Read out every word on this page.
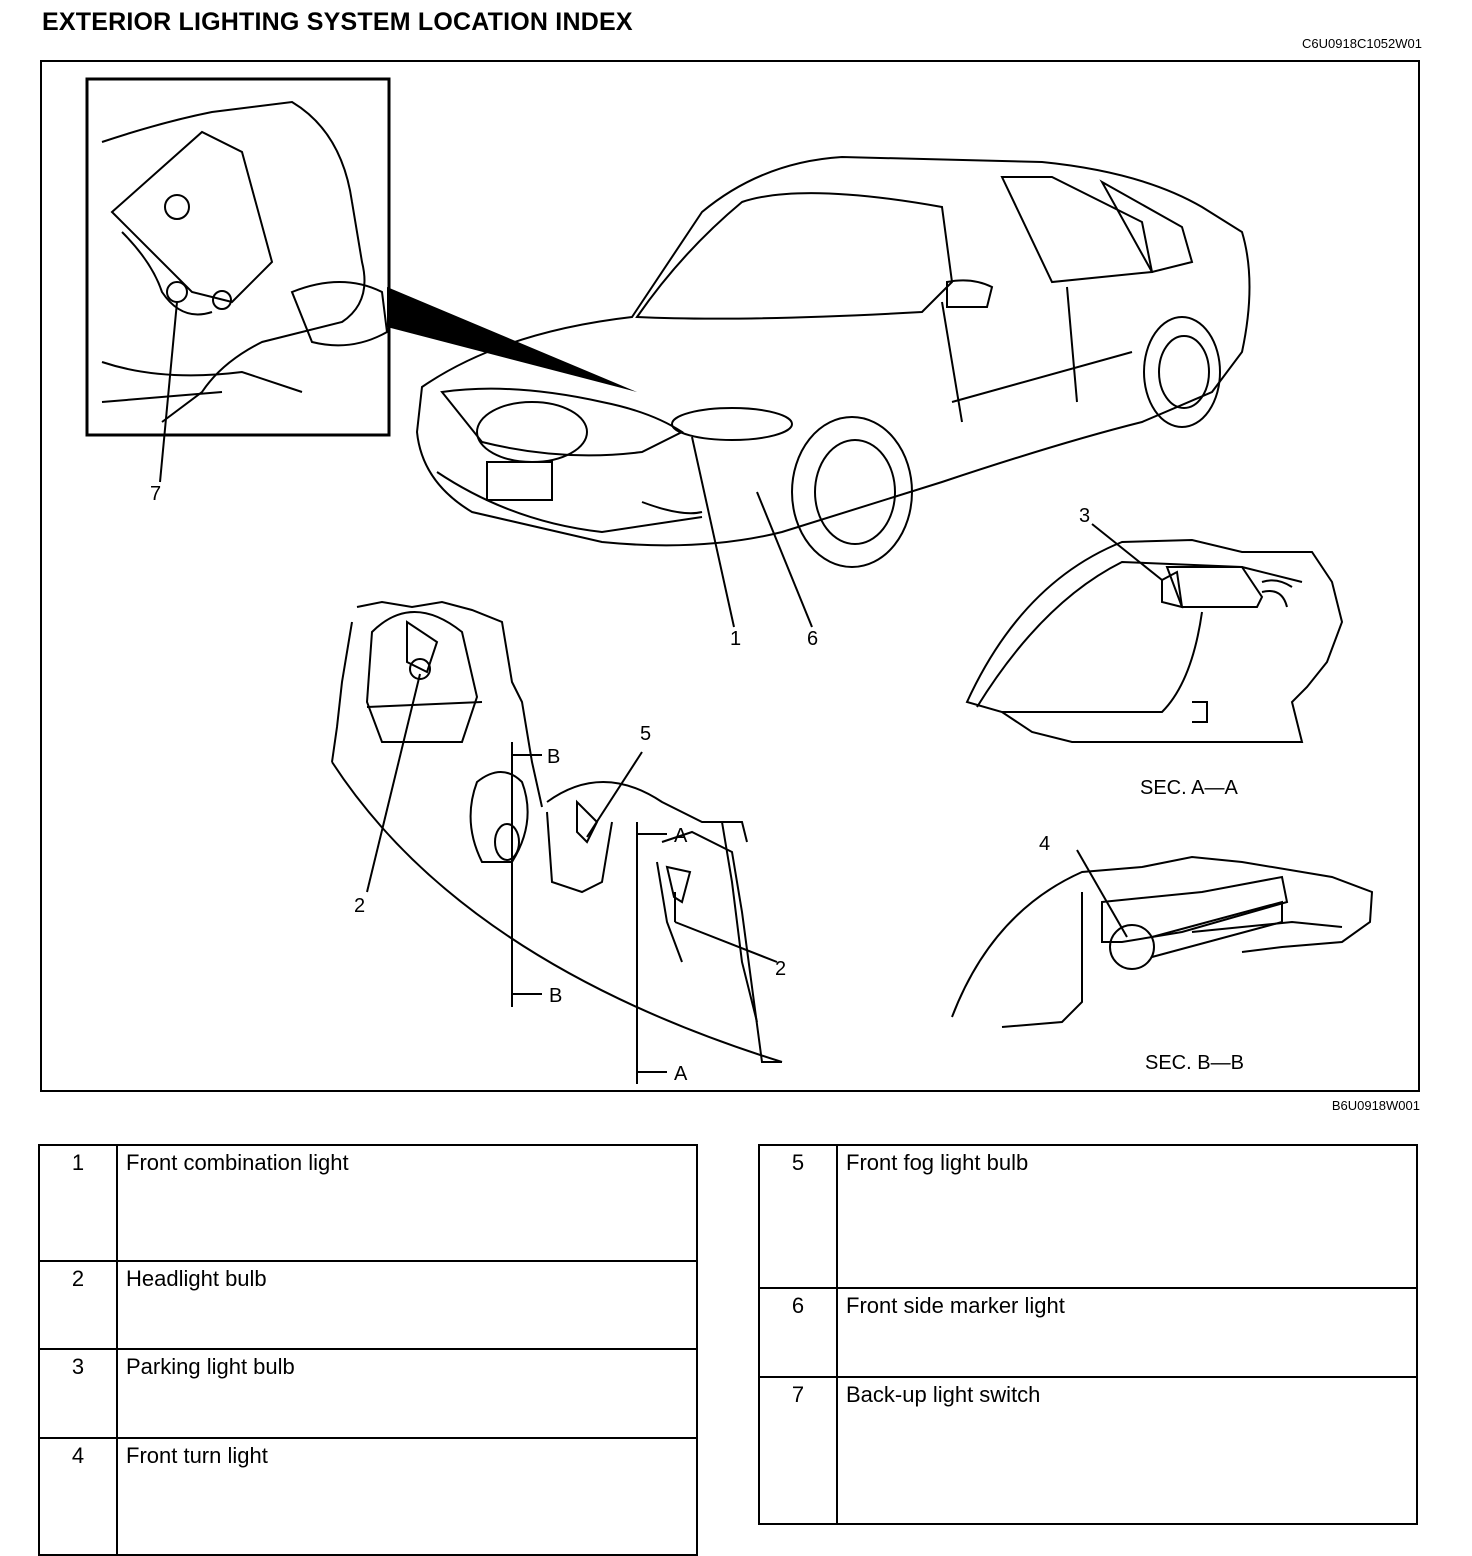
EXTERIOR LIGHTING SYSTEM LOCATION INDEX
C6U0918C1052W01
7
1	6
3
5
2
2
4
B
B
A
A
SEC. A—A
SEC. B—B
B6U0918W001
1	Front combination light
2	Headlight bulb
3	Parking light bulb
4	Front turn light
5	Front fog light bulb
6	Front side marker light
7	Back-up light switch
